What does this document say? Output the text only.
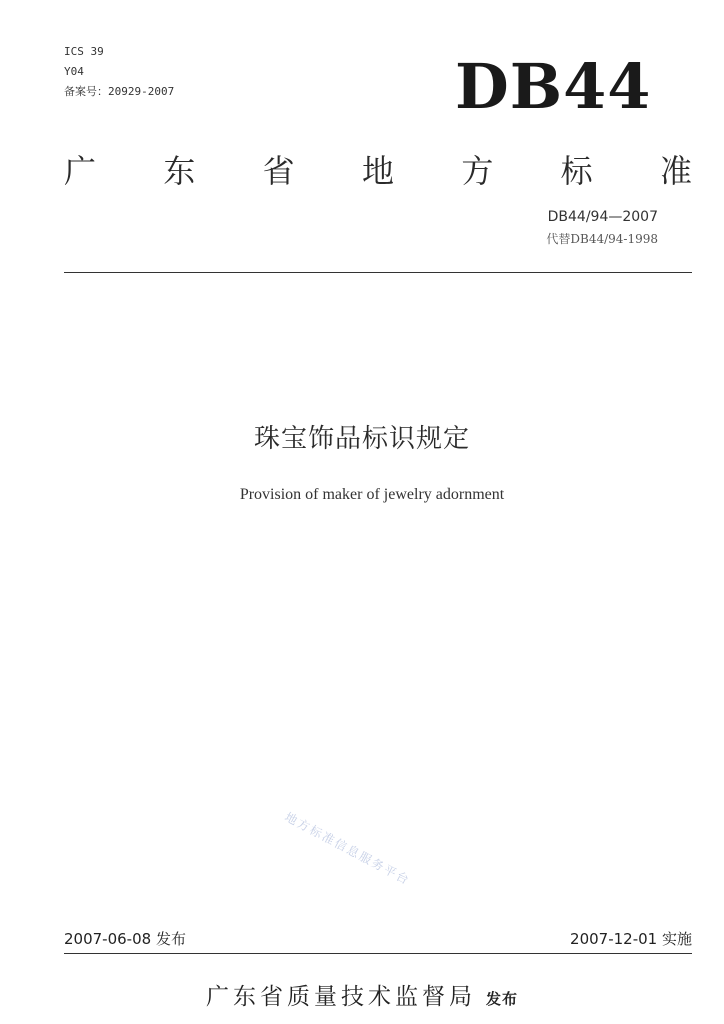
ICS 39
Y04
备案号：20929-2007	DB44
广 东 省 地 方 标 准
DB44/94—2007
代替DB44/94-1998
珠宝饰品标识规定
Provision of maker of jewelry adornment
地方标准信息服务平台
2007-06-08 发布	2007-12-01 实施
广东省质量技术监督局 发布
